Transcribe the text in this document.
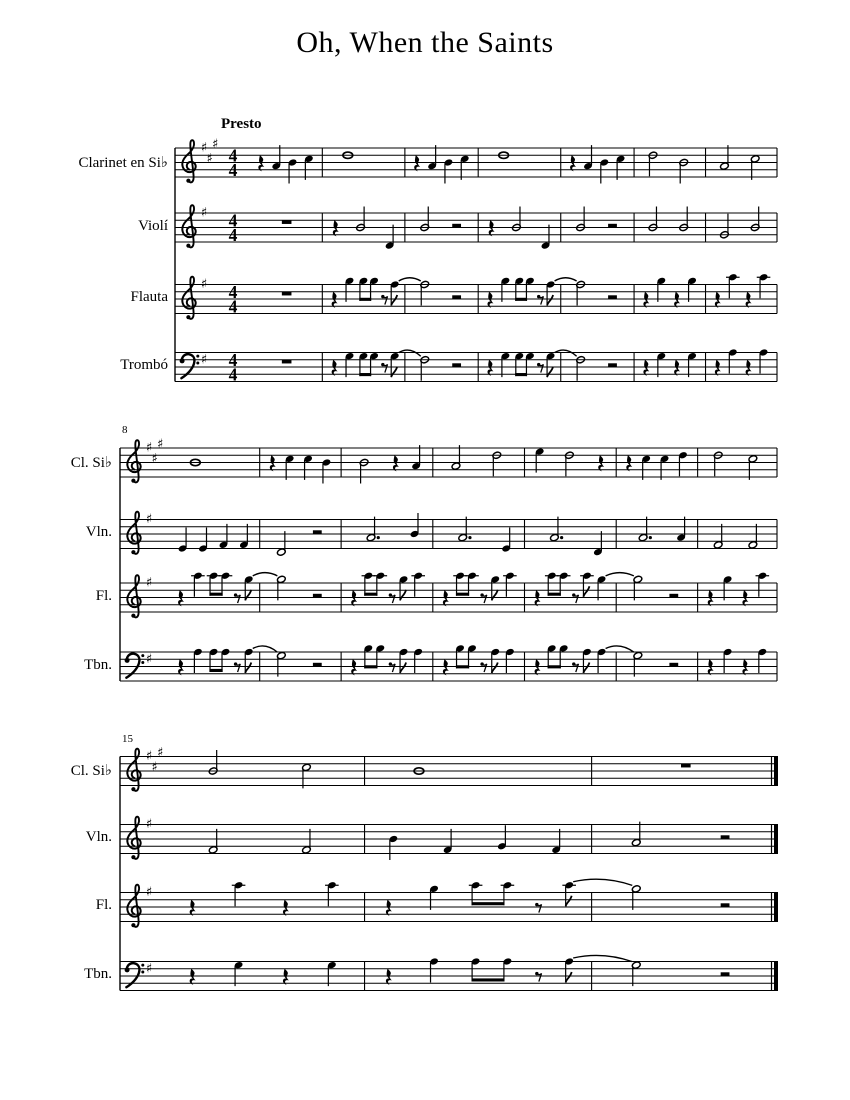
Oh, When the Saints
Presto
♯
♯
♯
4
4
♯ 4
4
♯ 4
4
♯ 4
4
♯
♯
♯
♯
♯
♯
♯
♯
♯
♯
♯
♯
Clarinet en Si♭
Violí
Flauta
Trombó
Cl. Si♭
Vln.
Fl.
Tbn.
8
Cl. Si♭
Vln.
Fl.
Tbn.
15
